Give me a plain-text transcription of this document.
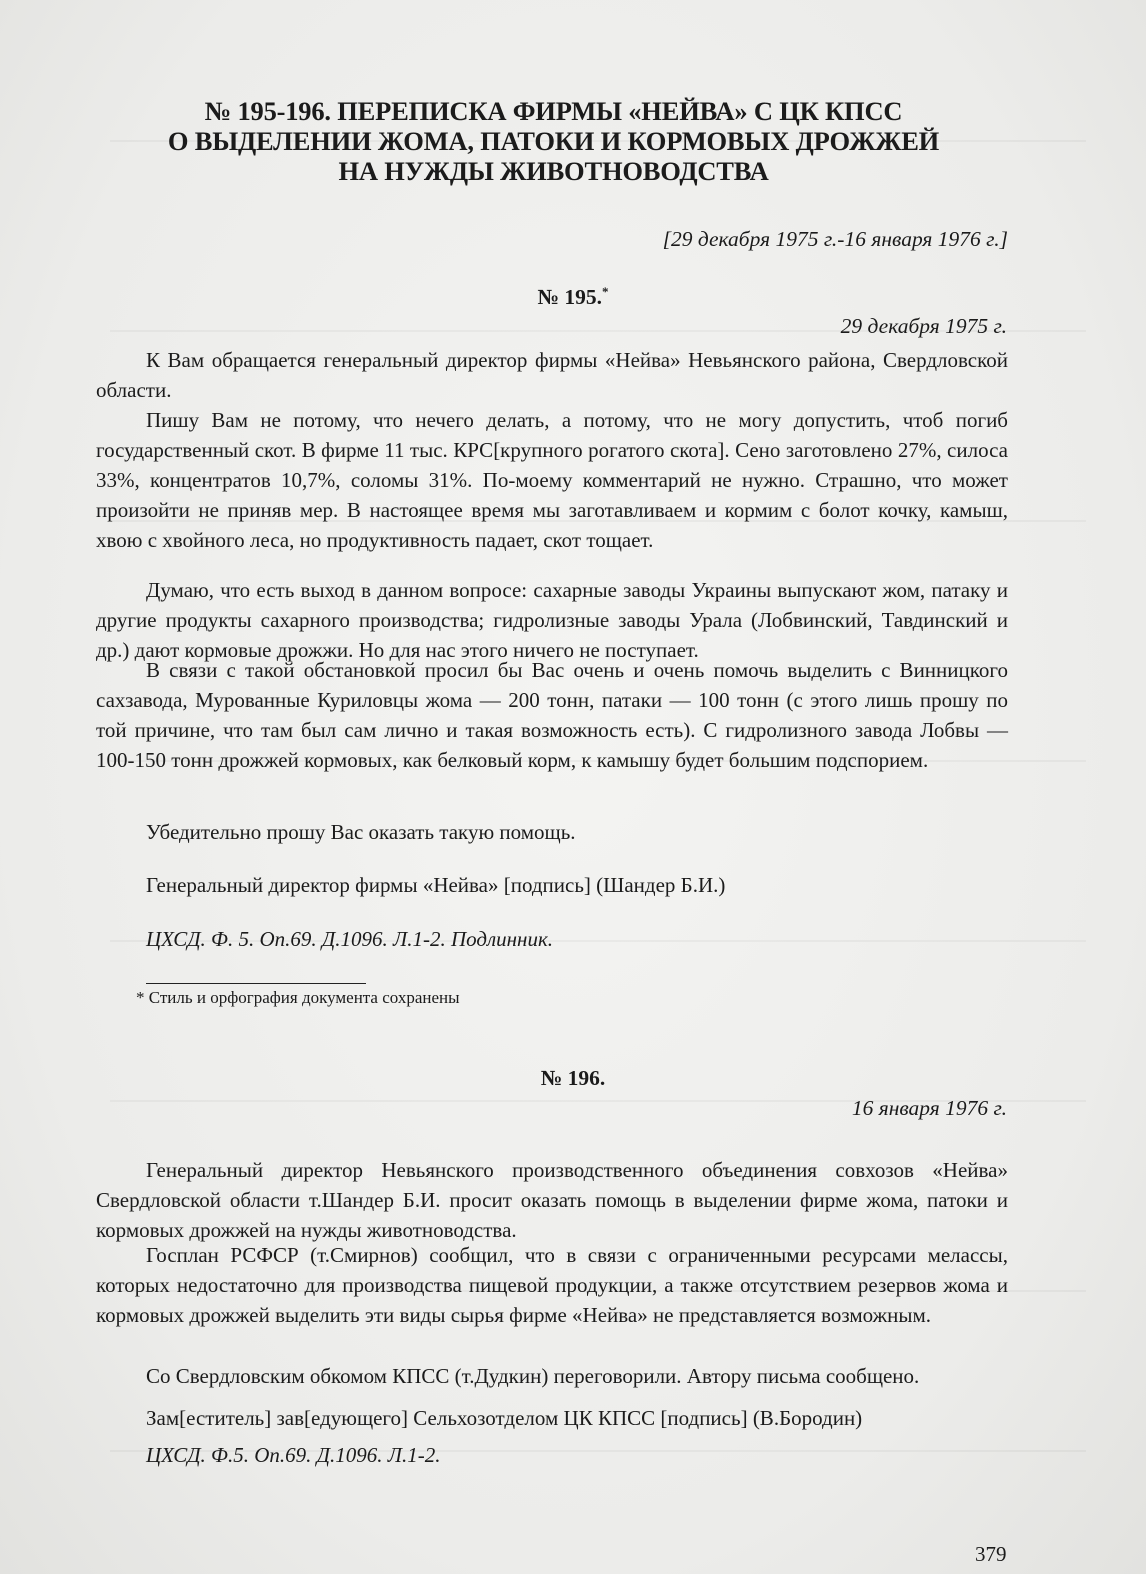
№ 195-196. ПЕРЕПИСКА ФИРМЫ «НЕЙВА» С ЦК КПСС
О ВЫДЕЛЕНИИ ЖОМА, ПАТОКИ И КОРМОВЫХ ДРОЖЖЕЙ
НА НУЖДЫ ЖИВОТНОВОДСТВА
[29 декабря 1975 г.-16 января 1976 г.]
№ 195.*
29 декабря 1975 г.
К Вам обращается генеральный директор фирмы «Нейва» Невьянского района, Свердловской области.
Пишу Вам не потому, что нечего делать, а потому, что не могу допустить, чтоб погиб государственный скот. В фирме 11 тыс. КРС[крупного рогатого скота]. Сено заготовлено 27%, силоса 33%, концентратов 10,7%, соломы 31%. По-моему комментарий не нужно. Страшно, что может произойти не приняв мер. В настоящее время мы заготавливаем и кормим с болот кочку, камыш, хвою с хвойного леса, но продуктивность падает, скот тощает.
Думаю, что есть выход в данном вопросе: сахарные заводы Украины выпускают жом, патаку и другие продукты сахарного производства; гидролизные заводы Урала (Лобвинский, Тавдинский и др.) дают кормовые дрожжи. Но для нас этого ничего не поступает.
В связи с такой обстановкой просил бы Вас очень и очень помочь выделить с Винницкого сахзавода, Мурованные Куриловцы жома — 200 тонн, патаки — 100 тонн (с этого лишь прошу по той причине, что там был сам лично и такая возможность есть). С гидролизного завода Лобвы — 100-150 тонн дрожжей кормовых, как белковый корм, к камышу будет большим подспорием.
Убедительно прошу Вас оказать такую помощь.
Генеральный директор фирмы «Нейва» [подпись] (Шандер Б.И.)
ЦХСД. Ф. 5. Оп.69. Д.1096. Л.1-2. Подлинник.
* Стиль и орфография документа сохранены
№ 196.
16 января 1976 г.
Генеральный директор Невьянского производственного объединения совхозов «Нейва» Свердловской области т.Шандер Б.И. просит оказать помощь в выделении фирме жома, патоки и кормовых дрожжей на нужды животноводства.
Госплан РСФСР (т.Смирнов) сообщил, что в связи с ограниченными ресурсами мелассы, которых недостаточно для производства пищевой продукции, а также отсутствием резервов жома и кормовых дрожжей выделить эти виды сырья фирме «Нейва» не представляется возможным.
Со Свердловским обкомом КПСС (т.Дудкин) переговорили. Автору письма сообщено.
Зам[еститель] зав[едующего] Сельхозотделом ЦК КПСС [подпись] (В.Бородин)
ЦХСД. Ф.5. Оп.69. Д.1096. Л.1-2.
379
